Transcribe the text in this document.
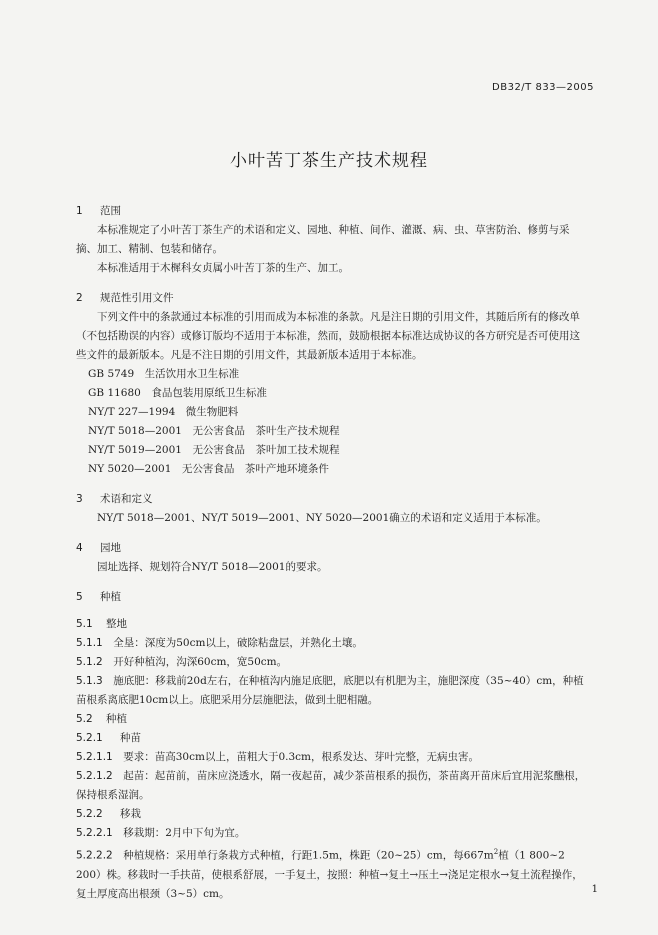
DB32/T 833—2005
小叶苦丁茶生产技术规程

1 范围

本标准规定了小叶苦丁茶生产的术语和定义、园地、种植、间作、灌溉、病、虫、草害防治、修剪与采摘、加工、精制、包装和储存。

本标准适用于木樨科女贞属小叶苦丁茶的生产、加工。

2 规范性引用文件

下列文件中的条款通过本标准的引用而成为本标准的条款。凡是注日期的引用文件，其随后所有的修改单（不包括勘误的内容）或修订版均不适用于本标准，然而，鼓励根据本标准达成协议的各方研究是否可使用这些文件的最新版本。凡是不注日期的引用文件，其最新版本适用于本标准。

GB 5749　生活饮用水卫生标准

GB 11680　食品包装用原纸卫生标准

NY/T 227—1994　微生物肥料

NY/T 5018—2001　无公害食品　茶叶生产技术规程

NY/T 5019—2001　无公害食品　茶叶加工技术规程

NY 5020—2001　无公害食品　茶叶产地环境条件

3 术语和定义

NY/T 5018—2001、NY/T 5019—2001、NY 5020—2001确立的术语和定义适用于本标准。

4 园地

园址选择、规划符合NY/T 5018—2001的要求。

5 种植

5.1 整地

5.1.1　 全垦：深度为50cm以上，破除粘盘层，并熟化土壤。

5.1.2　 开好种植沟，沟深60cm，宽50cm。

5.1.3　 施底肥：移栽前20d左右，在种植沟内施足底肥，底肥以有机肥为主，施肥深度（35~40）cm，种植苗根系离底肥10cm以上。底肥采用分层施肥法，做到土肥相融。

5.2 种植

5.2.1 种苗

5.2.1.1　 要求：苗高30cm以上，苗粗大于0.3cm，根系发达、芽叶完整，无病虫害。

5.2.1.2　 起苗：起苗前，苗床应浇透水，隔一夜起苗，减少茶苗根系的损伤，茶苗离开苗床后宜用泥浆醮根，保持根系湿润。

5.2.2 移栽

5.2.2.1　 移栽期：2月中下旬为宜。

5.2.2.2　 种植规格：采用单行条栽方式种植，行距1.5m，株距（20~25）cm，每$667m^2$植（1 800~2 200）株。移栽时一手扶苗，使根系舒展，一手复土，按照：种植→复土→压土→浇足定根水→复土流程操作，复土厚度高出根颈（3~5）cm。	1
